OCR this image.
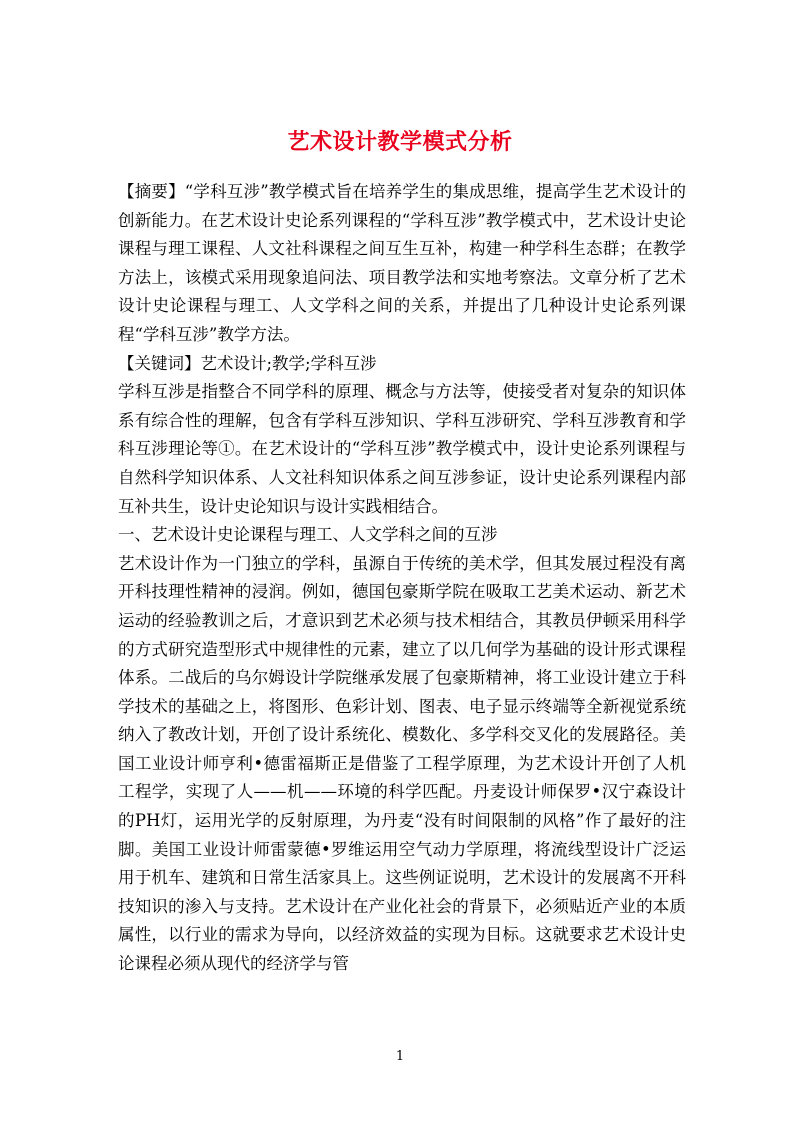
艺术设计教学模式分析

【摘要】“学科互涉”教学模式旨在培养学生的集成思维，提高学生艺术设计的创新能力。在艺术设计史论系列课程的“学科互涉”教学模式中，艺术设计史论课程与理工课程、人文社科课程之间互生互补，构建一种学科生态群；在教学方法上，该模式采用现象追问法、项目教学法和实地考察法。文章分析了艺术设计史论课程与理工、人文学科之间的关系，并提出了几种设计史论系列课程“学科互涉”教学方法。

【关键词】艺术设计;教学;学科互涉

学科互涉是指整合不同学科的原理、概念与方法等，使接受者对复杂的知识体系有综合性的理解，包含有学科互涉知识、学科互涉研究、学科互涉教育和学科互涉理论等①。在艺术设计的“学科互涉”教学模式中，设计史论系列课程与自然科学知识体系、人文社科知识体系之间互涉参证，设计史论系列课程内部互补共生，设计史论知识与设计实践相结合。

一、艺术设计史论课程与理工、人文学科之间的互涉

艺术设计作为一门独立的学科，虽源自于传统的美术学，但其发展过程没有离开科技理性精神的浸润。例如，德国包豪斯学院在吸取工艺美术运动、新艺术运动的经验教训之后，才意识到艺术必须与技术相结合，其教员伊顿采用科学的方式研究造型形式中规律性的元素，建立了以几何学为基础的设计形式课程体系。二战后的乌尔姆设计学院继承发展了包豪斯精神，将工业设计建立于科学技术的基础之上，将图形、色彩计划、图表、电子显示终端等全新视觉系统纳入了教改计划，开创了设计系统化、模数化、多学科交叉化的发展路径。美国工业设计师亨利•德雷福斯正是借鉴了工程学原理，为艺术设计开创了人机工程学，实现了人——机——环境的科学匹配。丹麦设计师保罗•汉宁森设计的PH灯，运用光学的反射原理，为丹麦“没有时间限制的风格”作了最好的注脚。美国工业设计师雷蒙德•罗维运用空气动力学原理，将流线型设计广泛运用于机车、建筑和日常生活家具上。这些例证说明，艺术设计的发展离不开科技知识的渗入与支持。艺术设计在产业化社会的背景下，必须贴近产业的本质属性，以行业的需求为导向，以经济效益的实现为目标。这就要求艺术设计史论课程必须从现代的经济学与管

1
